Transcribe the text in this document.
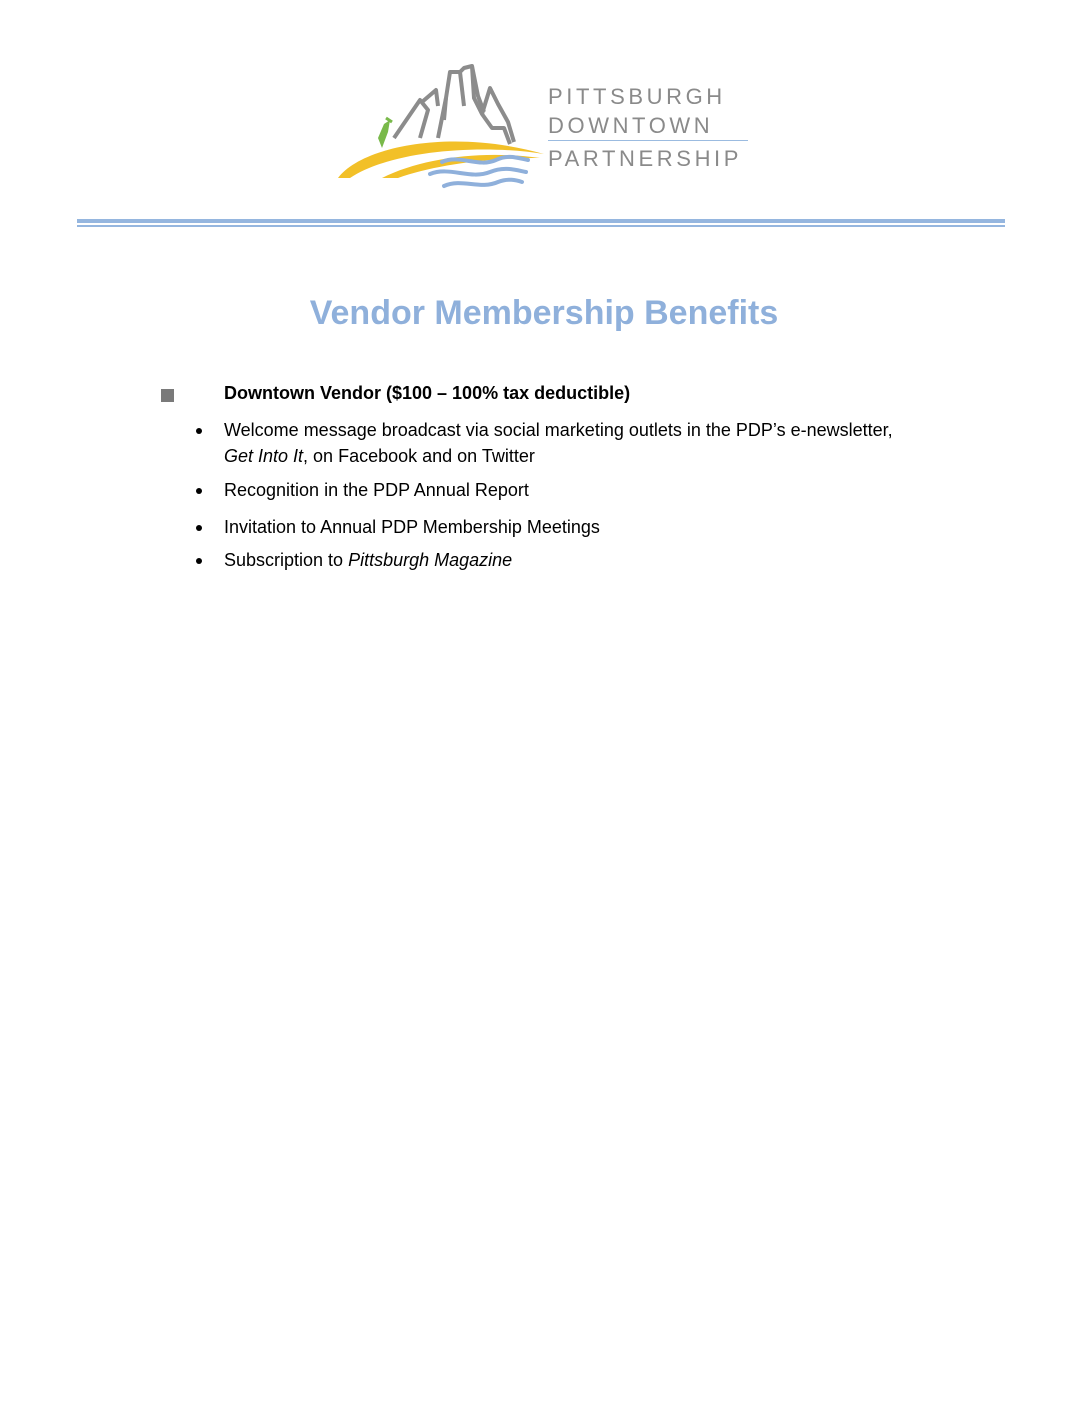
PITTSBURGH
DOWNTOWN
PARTNERSHIP
Vendor Membership Benefits
Downtown Vendor ($100 – 100% tax deductible)
Welcome message broadcast via social marketing outlets in the PDP’s e-newsletter,
Get Into It, on Facebook and on Twitter
Recognition in the PDP Annual Report
Invitation to Annual PDP Membership Meetings
Subscription to Pittsburgh Magazine
